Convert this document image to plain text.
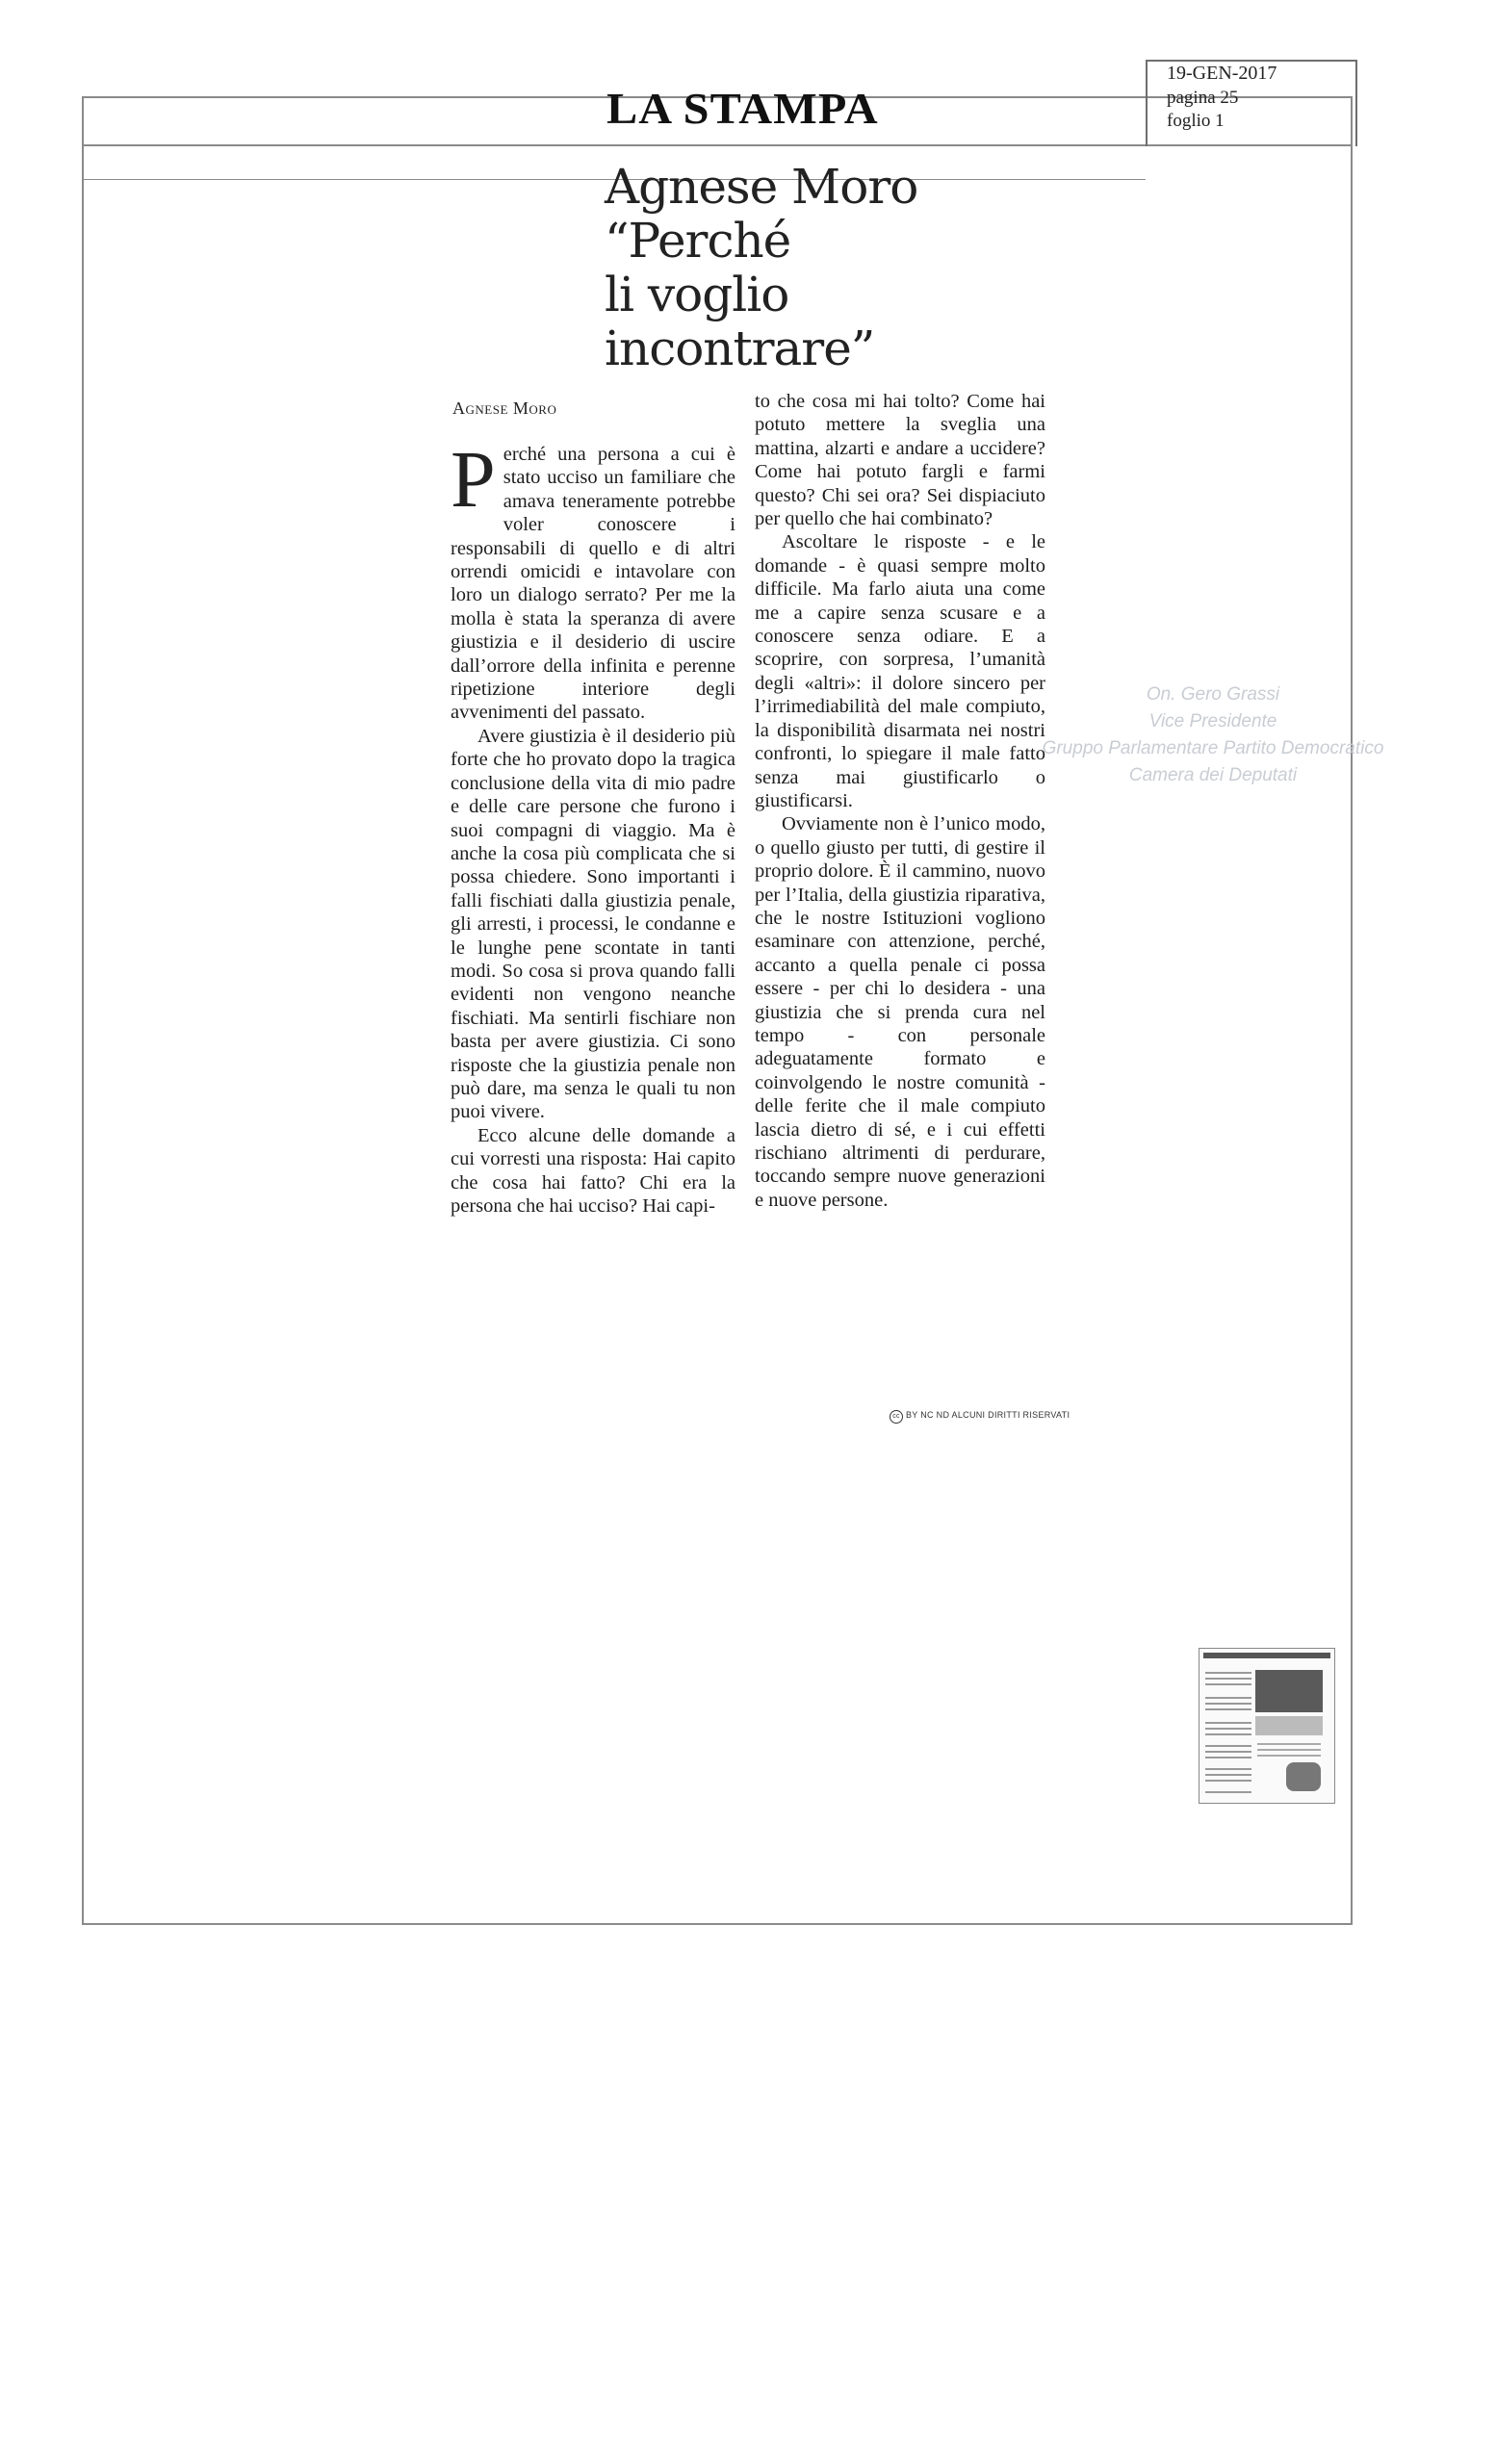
19-GEN-2017
pagina 25
foglio 1
LA STAMPA
Agnese Moro
“Perché
li voglio
incontrare”
Agnese Moro
P erché una persona a cui è stato ucciso un familiare che amava teneramente potrebbe voler conoscere i responsabili di quello e di altri orrendi omicidi e intavolare con loro un dialogo serrato? Per me la molla è stata la speranza di avere giustizia e il desiderio di uscire dall’orrore della infinita e perenne ripetizione interiore degli avvenimenti del passato.

Avere giustizia è il desiderio più forte che ho provato dopo la tragica conclusione della vita di mio padre e delle care persone che furono i suoi compagni di viaggio. Ma è anche la cosa più complicata che si possa chiedere. Sono importanti i falli fischiati dalla giustizia penale, gli arresti, i processi, le condanne e le lunghe pene scontate in tanti modi. So cosa si prova quando falli evidenti non vengono neanche fischiati. Ma sentirli fischiare non basta per avere giustizia. Ci sono risposte che la giustizia penale non può dare, ma senza le quali tu non puoi vivere.

Ecco alcune delle domande a cui vorresti una risposta: Hai capito che cosa hai fatto? Chi era la persona che hai ucciso? Hai capi-

to che cosa mi hai tolto? Come hai potuto mettere la sveglia una mattina, alzarti e andare a uccidere? Come hai potuto fargli e farmi questo? Chi sei ora? Sei dispiaciuto per quello che hai combinato?

Ascoltare le risposte - e le domande - è quasi sempre molto difficile. Ma farlo aiuta una come me a capire senza scusare e a conoscere senza odiare. E a scoprire, con sorpresa, l’umanità degli «altri»: il dolore sincero per l’irrimediabilità del male compiuto, la disponibilità disarmata nei nostri confronti, lo spiegare il male fatto senza mai giustificarlo o giustificarsi.

Ovviamente non è l’unico modo, o quello giusto per tutti, di gestire il proprio dolore. È il cammino, nuovo per l’Italia, della giustizia riparativa, che le nostre Istituzioni vogliono esaminare con attenzione, perché, accanto a quella penale ci possa essere - per chi lo desidera - una giustizia che si prenda cura nel tempo - con personale adeguatamente formato e coinvolgendo le nostre comunità - delle ferite che il male compiuto lascia dietro di sé, e i cui effetti rischiano altrimenti di perdurare, toccando sempre nuove generazioni e nuove persone.

cc BY NC ND ALCUNI DIRITTI RISERVATI
On. Gero Grassi
Vice Presidente
Gruppo Parlamentare Partito Democratico
Camera dei Deputati
